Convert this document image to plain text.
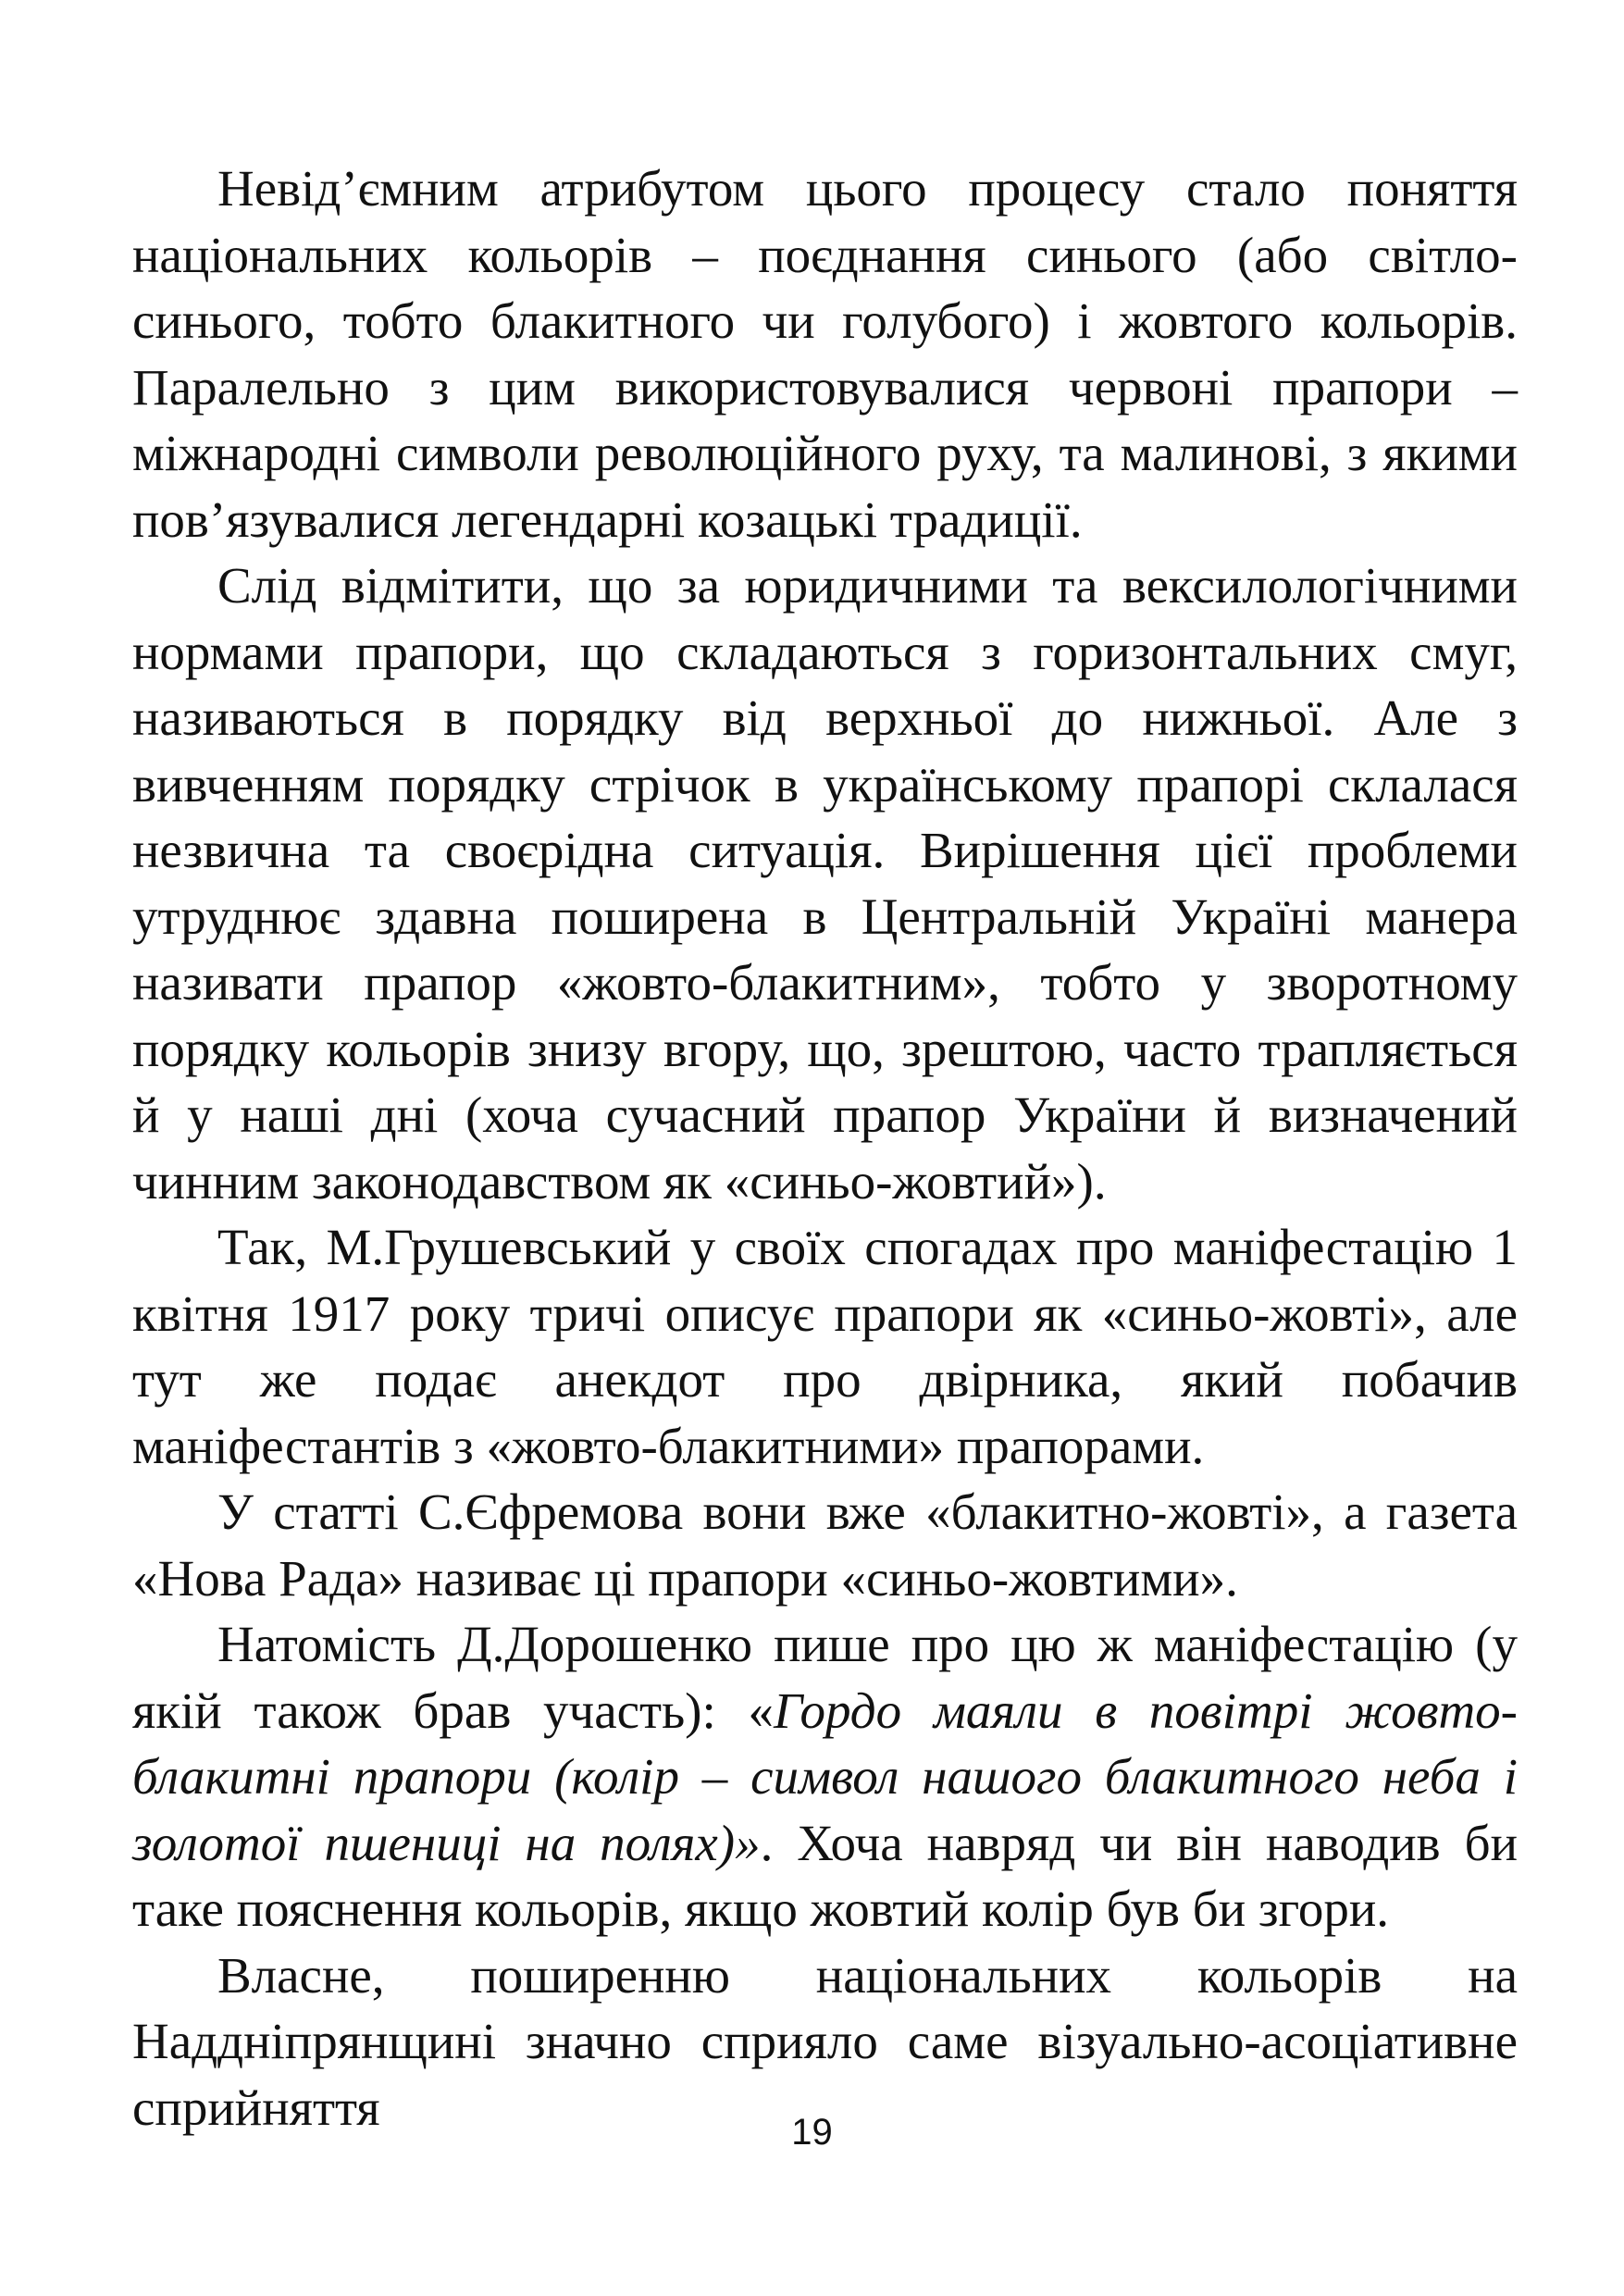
Невід’ємним атрибутом цього процесу стало поняття національних кольорів – поєднання синього (або світло-синього, тобто блакитного чи голубого) і жовтого кольорів. Паралельно з цим використовувалися червоні прапори – міжнародні символи революційного руху, та малинові, з якими пов’язувалися легендарні козацькі традиції.

Слід відмітити, що за юридичними та вексилологічними нормами прапори, що складаються з горизонтальних смуг, називаються в порядку від верхньої до нижньої. Але з вивченням порядку стрічок в українському прапорі склалася незвична та своєрідна ситуація. Вирішення цієї проблеми утруднює здавна поширена в Центральній Україні манера називати прапор «жовто-блакитним», тобто у зворотному порядку кольорів знизу вгору, що, зрештою, часто трапляється й у наші дні (хоча сучасний прапор України й визначений чинним законодавством як «синьо-жовтий»).

Так, М.Грушевський у своїх спогадах про маніфестацію 1 квітня 1917 року тричі описує прапори як «синьо-жовті», але тут же подає анекдот про двірника, який побачив маніфестантів з «жовто-блакитними» прапорами.

У статті С.Єфремова вони вже «блакитно-жовті», а газета «Нова Рада» називає ці прапори «синьо-жовтими».

Натомість Д.Дорошенко пише про цю ж маніфестацію (у якій також брав участь): «Гордо маяли в повітрі жовто-блакитні прапори (колір – символ нашого блакитного неба і золотої пшениці на полях)». Хоча навряд чи він наводив би таке пояснення кольорів, якщо жовтий колір був би згори.

Власне, поширенню національних кольорів на Наддніпрянщині значно сприяло саме візуально-асоціативне сприйняття	19
